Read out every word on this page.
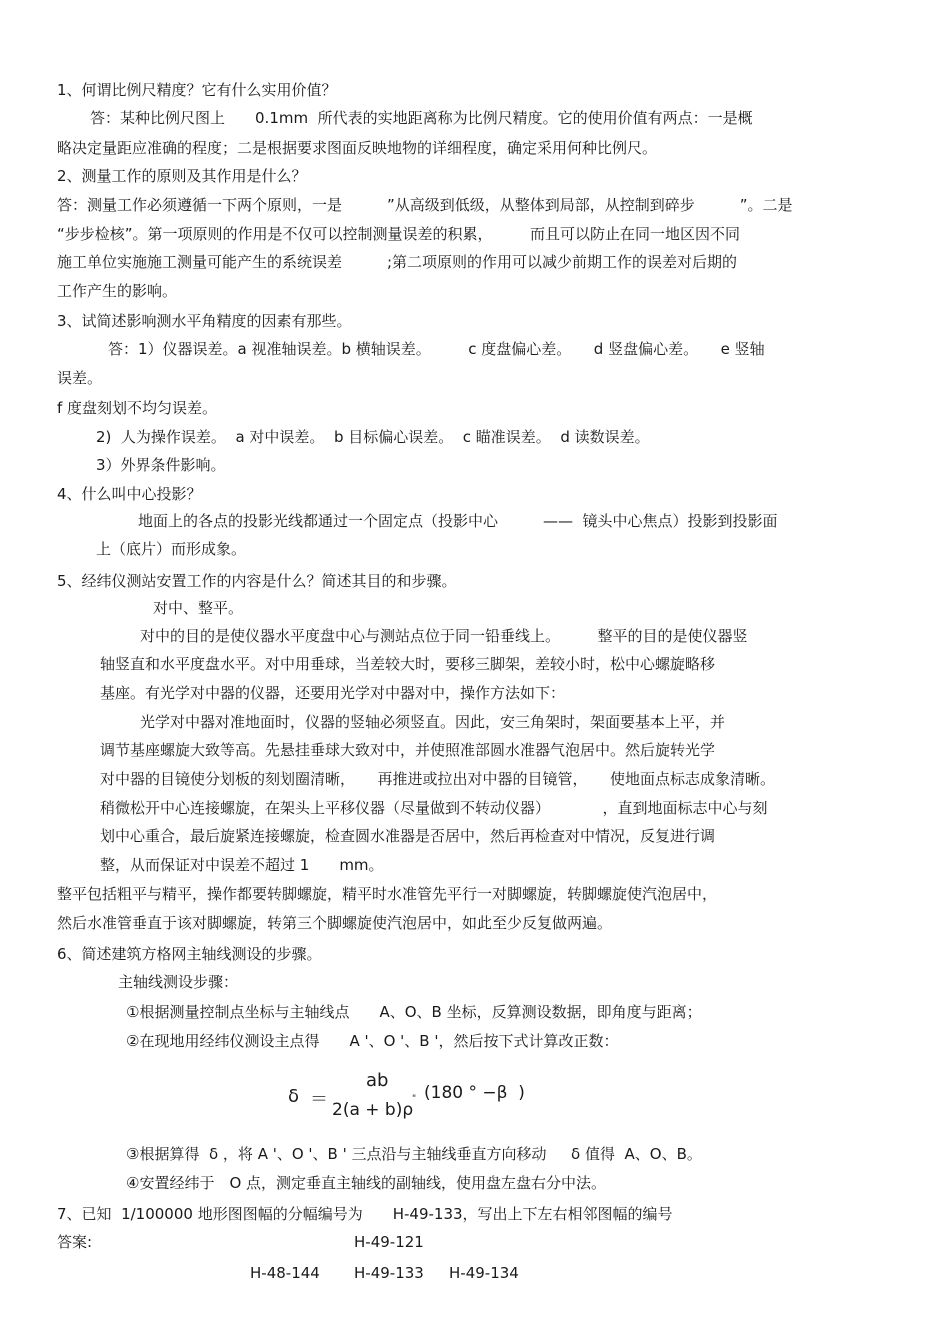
1、何谓比例尺精度？它有什么实用价值？
答：某种比例尺图上　　0.1mm  所代表的实地距离称为比例尺精度。它的使用价值有两点：一是概
略决定量距应准确的程度；二是根据要求图面反映地物的详细程度，确定采用何种比例尺。
2、测量工作的原则及其作用是什么？
答：测量工作必须遵循一下两个原则，一是　　　”从高级到低级，从整体到局部，从控制到碎步　　　”。二是
“步步检核”。第一项原则的作用是不仅可以控制测量误差的积累，　　　而且可以防止在同一地区因不同
施工单位实施施工测量可能产生的系统误差　　　;第二项原则的作用可以减少前期工作的误差对后期的
工作产生的影响。
3、试简述影响测水平角精度的因素有那些。
答：1）仪器误差。a 视准轴误差。b 横轴误差。　　　c 度盘偏心差。　　d 竖盘偏心差。　　e 竖轴
误差。
f 度盘刻划不均匀误差。
2)  人为操作误差。  a 对中误差。  b 目标偏心误差。  c 瞄准误差。  d 读数误差。
3）外界条件影响。
4、什么叫中心投影？
地面上的各点的投影光线都通过一个固定点（投影中心　　　——  镜头中心焦点）投影到投影面
上（底片）而形成象。
5、经纬仪测站安置工作的内容是什么？简述其目的和步骤。
对中、整平。
对中的目的是使仪器水平度盘中心与测站点位于同一铅垂线上。　　　整平的目的是使仪器竖
轴竖直和水平度盘水平。对中用垂球，当差较大时，要移三脚架，差较小时，松中心螺旋略移
基座。有光学对中器的仪器，还要用光学对中器对中，操作方法如下：
光学对中器对准地面时，仪器的竖轴必须竖直。因此，安三角架时，架面要基本上平，并
调节基座螺旋大致等高。先悬挂垂球大致对中，并使照准部圆水准器气泡居中。然后旋转光学
对中器的目镜使分划板的刻划圈清晰，　　再推进或拉出对中器的目镜管，　　使地面点标志成象清晰。
稍微松开中心连接螺旋，在架头上平移仪器（尽量做到不转动仪器）　　　　，直到地面标志中心与刻
划中心重合，最后旋紧连接螺旋，检查圆水准器是否居中，然后再检查对中情况，反复进行调
整，从而保证对中误差不超过 1　　mm。
整平包括粗平与精平，操作都要转脚螺旋，精平时水准管先平行一对脚螺旋，转脚螺旋使汽泡居中，
然后水准管垂直于该对脚螺旋，转第三个脚螺旋使汽泡居中，如此至少反复做两遍。
6、简述建筑方格网主轴线测设的步骤。
主轴线测设步骤：
①根据测量控制点坐标与主轴线点　　A、O、B 坐标，反算测设数据，即角度与距离；
②在现地用经纬仪测设主点得　　A '、O '、B '，然后按下式计算改正数：
δ ＝
ab
2(a + b)ρ
" (180 ° −β  )
③根据算得  δ ，将 A '、O '、B ' 三点沿与主轴线垂直方向移动　  δ 值得  A、O、B。
④安置经纬于　O 点，测定垂直主轴线的副轴线，使用盘左盘右分中法。
7、已知  1/100000 地形图图幅的分幅编号为　　H-49-133，写出上下左右相邻图幅的编号
答案:	H-49-121
H-48-144 H-49-133 H-49-134
